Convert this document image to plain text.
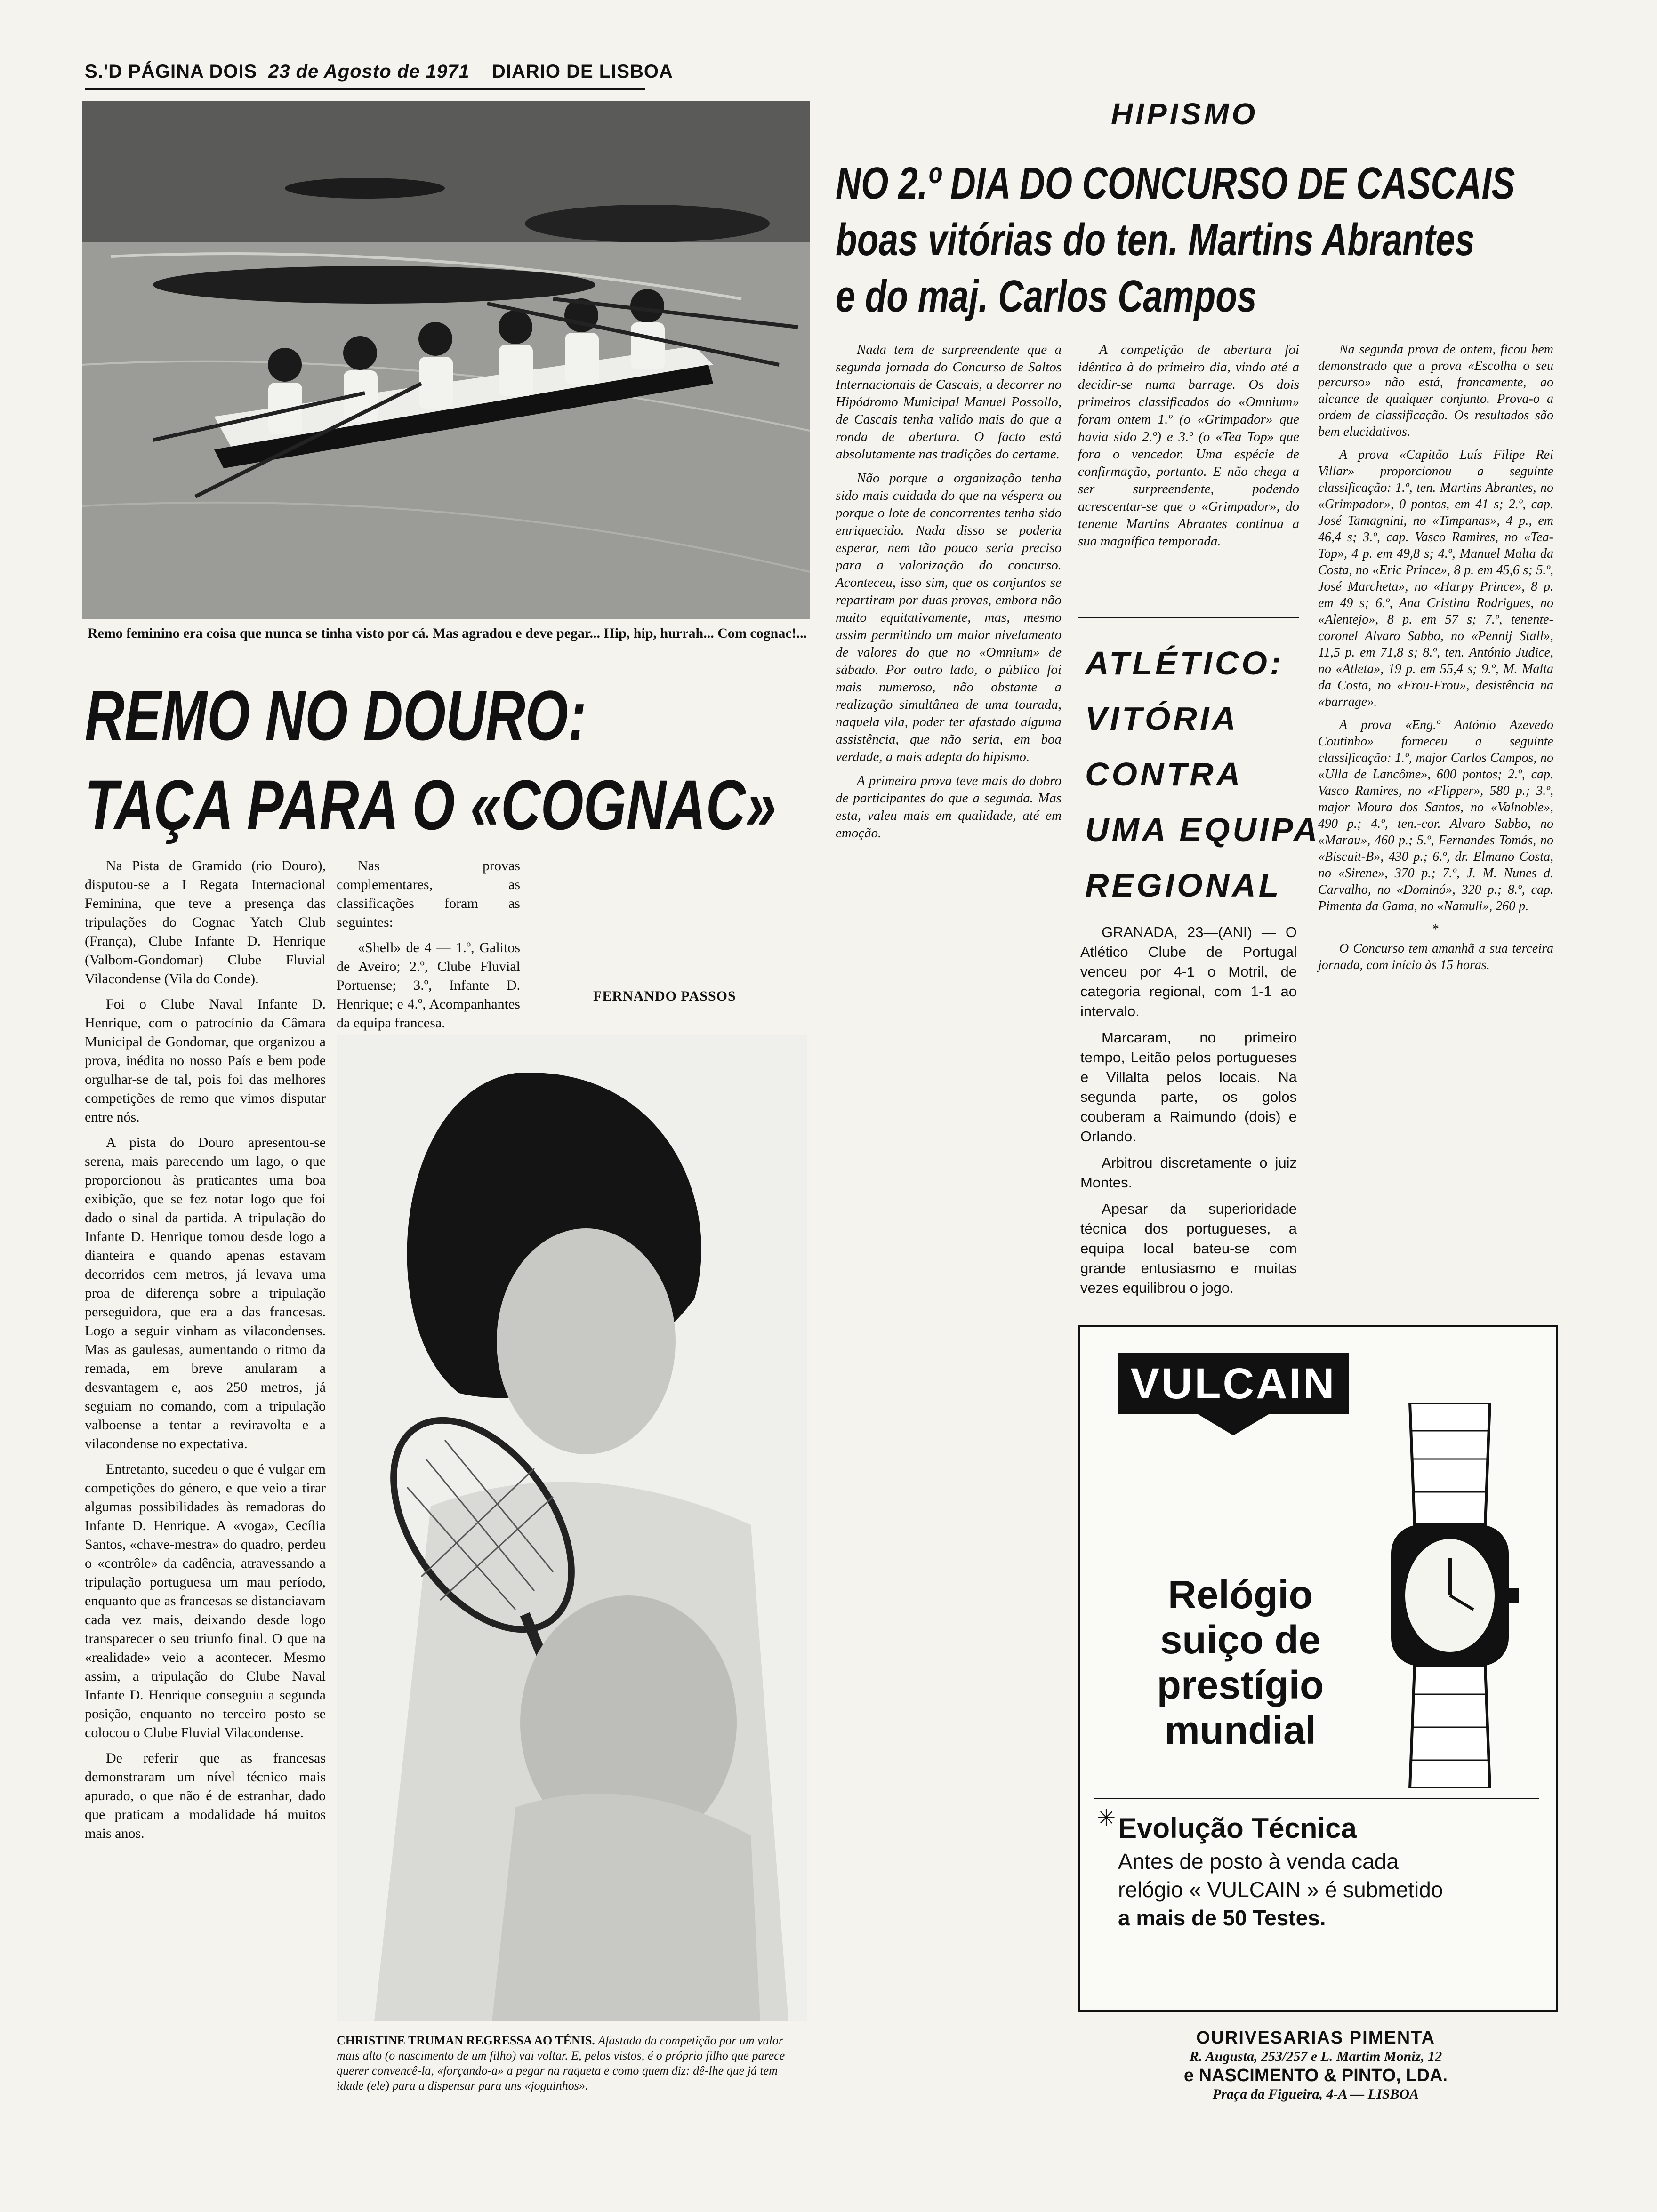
S.'D PÁGINA DOIS 23 de Agosto de 1971 DIARIO DE LISBOA
Remo feminino era coisa que nunca se tinha visto por cá. Mas agradou e deve pegar... Hip, hip, hurrah... Com cognac!...
REMO NO DOURO:
TAÇA PARA O «COGNAC»

Na Pista de Gramido (rio Douro), disputou-se a I Regata Internacional Feminina, que teve a presença das tripulações do Cognac Yatch Club (França), Clube Infante D. Henrique (Valbom-Gondomar) Clube Fluvial Vilacondense (Vila do Conde).

Foi o Clube Naval Infante D. Henrique, com o patrocínio da Câmara Municipal de Gondomar, que organizou a prova, inédita no nosso País e bem pode orgulhar-se de tal, pois foi das melhores competições de remo que vimos disputar entre nós.

A pista do Douro apresentou-se serena, mais parecendo um lago, o que proporcionou às praticantes uma boa exibição, que se fez notar logo que foi dado o sinal da partida. A tripulação do Infante D. Henrique tomou desde logo a dianteira e quando apenas estavam decorridos cem metros, já levava uma proa de diferença sobre a tripulação perseguidora, que era a das francesas. Logo a seguir vinham as vilacondenses. Mas as gaulesas, aumentando o ritmo da remada, em breve anularam a desvantagem e, aos 250 metros, já seguiam no comando, com a tripulação valboense a tentar a reviravolta e a vilacondense no expectativa.

Entretanto, sucedeu o que é vulgar em competições do género, e que veio a tirar algumas possibilidades às remadoras do Infante D. Henrique. A «voga», Cecília Santos, «chave-mestra» do quadro, perdeu o «contrôle» da cadência, atravessando a tripulação portuguesa um mau período, enquanto que as francesas se distanciavam cada vez mais, deixando desde logo transparecer o seu triunfo final. O que na «realidade» veio a acontecer. Mesmo assim, a tripulação do Clube Naval Infante D. Henrique conseguiu a segunda posição, enquanto no terceiro posto se colocou o Clube Fluvial Vilacondense.

De referir que as francesas demonstraram um nível técnico mais apurado, o que não é de estranhar, dado que praticam a modalidade há muitos mais anos.

Nas provas complementares, as classificações foram as seguintes:

«Shell» de 4 — 1.º, Galitos de Aveiro; 2.º, Clube Fluvial Portuense; 3.º, Infante D. Henrique; e 4.º, Acompanhantes da equipa francesa.

FERNANDO PASSOS
CHRISTINE TRUMAN REGRESSA AO TÉNIS. Afastada da competição por um valor mais alto (o nascimento de um filho) vai voltar. E, pelos vistos, é o próprio filho que parece querer convencê-la, «forçando-a» a pegar na raqueta e como quem diz: dê-lhe que já tem idade (ele) para a dispensar para uns «joguinhos».
HIPISMO
NO 2.º DIA DO CONCURSO DE CASCAIS
boas vitórias do ten. Martins Abrantes
e do maj. Carlos Campos

Nada tem de surpreendente que a segunda jornada do Concurso de Saltos Internacionais de Cascais, a decorrer no Hipódromo Municipal Manuel Possollo, de Cascais tenha valido mais do que a ronda de abertura. O facto está absolutamente nas tradições do certame.

Não porque a organização tenha sido mais cuidada do que na véspera ou porque o lote de concorrentes tenha sido enriquecido. Nada disso se poderia esperar, nem tão pouco seria preciso para a valorização do concurso. Aconteceu, isso sim, que os conjuntos se repartiram por duas provas, embora não muito equitativamente, mas, mesmo assim permitindo um maior nivelamento de valores do que no «Omnium» de sábado. Por outro lado, o público foi mais numeroso, não obstante a realização simultânea de uma tourada, naquela vila, poder ter afastado alguma assistência, que não seria, em boa verdade, a mais adepta do hipismo.

A primeira prova teve mais do dobro de participantes do que a segunda. Mas esta, valeu mais em qualidade, até em emoção.

A competição de abertura foi idêntica à do primeiro dia, vindo até a decidir-se numa barrage. Os dois primeiros classificados do «Omnium» foram ontem 1.º (o «Grimpador» que havia sido 2.º) e 3.º (o «Tea Top» que fora o vencedor. Uma espécie de confirmação, portanto. E não chega a ser surpreendente, podendo acrescentar-se que o «Grimpador», do tenente Martins Abrantes continua a sua magnífica temporada.

ATLÉTICO:
VITÓRIA
CONTRA
UMA EQUIPA
REGIONAL

GRANADA, 23—(ANI) — O Atlético Clube de Portugal venceu por 4-1 o Motril, de categoria regional, com 1-1 ao intervalo.

Marcaram, no primeiro tempo, Leitão pelos portugueses e Villalta pelos locais. Na segunda parte, os golos couberam a Raimundo (dois) e Orlando.

Arbitrou discretamente o juiz Montes.

Apesar da superioridade técnica dos portugueses, a equipa local bateu-se com grande entusiasmo e muitas vezes equilibrou o jogo.

Na segunda prova de ontem, ficou bem demonstrado que a prova «Escolha o seu percurso» não está, francamente, ao alcance de qualquer conjunto. Prova-o a ordem de classificação. Os resultados são bem elucidativos.

A prova «Capitão Luís Filipe Rei Villar» proporcionou a seguinte classificação: 1.º, ten. Martins Abrantes, no «Grimpador», 0 pontos, em 41 s; 2.º, cap. José Tamagnini, no «Timpanas», 4 p., em 46,4 s; 3.º, cap. Vasco Ramires, no «Tea-Top», 4 p. em 49,8 s; 4.º, Manuel Malta da Costa, no «Eric Prince», 8 p. em 45,6 s; 5.º, José Marcheta», no «Harpy Prince», 8 p. em 49 s; 6.º, Ana Cristina Rodrigues, no «Alentejo», 8 p. em 57 s; 7.º, tenente-coronel Alvaro Sabbo, no «Pennij Stall», 11,5 p. em 71,8 s; 8.º, ten. António Judice, no «Atleta», 19 p. em 55,4 s; 9.º, M. Malta da Costa, no «Frou-Frou», desistência na «barrage».

A prova «Eng.º António Azevedo Coutinho» forneceu a seguinte classificação: 1.º, major Carlos Campos, no «Ulla de Lancôme», 600 pontos; 2.º, cap. Vasco Ramires, no «Flipper», 580 p.; 3.º, major Moura dos Santos, no «Valnoble», 490 p.; 4.º, ten.-cor. Alvaro Sabbo, no «Marau», 460 p.; 5.º, Fernandes Tomás, no «Biscuit-B», 430 p.; 6.º, dr. Elmano Costa, no «Sirene», 370 p.; 7.º, J. M. Nunes d. Carvalho, no «Dominó», 320 p.; 8.º, cap. Pimenta da Gama, no «Namuli», 260 p.

*

O Concurso tem amanhã a sua terceira jornada, com início às 15 horas.

VULCAIN
Relógio
suiço de
prestígio
mundial
✳ Evolução Técnica
Antes de posto à venda cada
relógio « VULCAIN » é submetido
a mais de 50 Testes.
OURIVESARIAS PIMENTA
R. Augusta, 253/257 e L. Martim Moniz, 12
e NASCIMENTO & PINTO, LDA.
Praça da Figueira, 4-A — LISBOA
